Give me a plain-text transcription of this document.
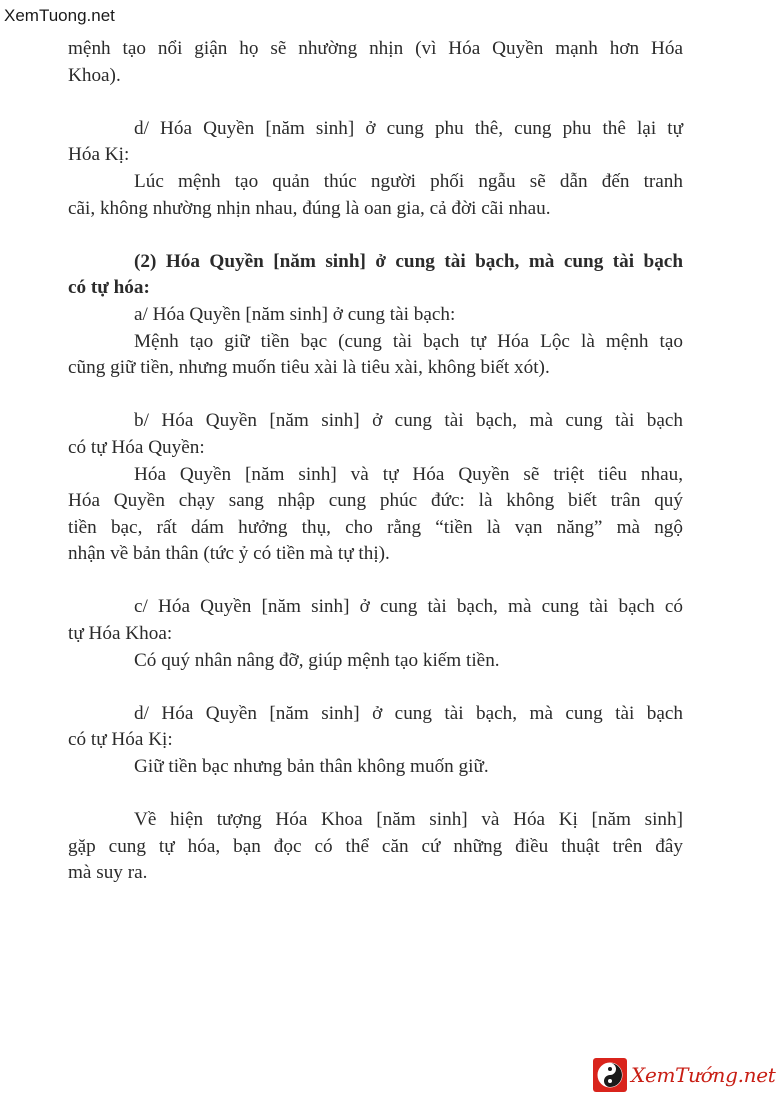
XemTuong.net
mệnh tạo nổi giận họ sẽ nhường nhịn (vì Hóa Quyền mạnh hơn Hóa
Khoa).
d/ Hóa Quyền [năm sinh] ở cung phu thê, cung phu thê lại tự
Hóa Kị:
Lúc mệnh tạo quản thúc người phối ngẫu sẽ dẫn đến tranh
cãi, không nhường nhịn nhau, đúng là oan gia, cả đời cãi nhau.
(2) Hóa Quyền [năm sinh] ở cung tài bạch, mà cung tài bạch
có tự hóa:
a/ Hóa Quyền [năm sinh] ở cung tài bạch:
Mệnh tạo giữ tiền bạc (cung tài bạch tự Hóa Lộc là mệnh tạo
cũng giữ tiền, nhưng muốn tiêu xài là tiêu xài, không biết xót).
b/ Hóa Quyền [năm sinh] ở cung tài bạch, mà cung tài bạch
có tự Hóa Quyền:
Hóa Quyền [năm sinh] và tự Hóa Quyền sẽ triệt tiêu nhau,
Hóa Quyền chạy sang nhập cung phúc đức: là không biết trân quý
tiền bạc, rất dám hưởng thụ, cho rằng “tiền là vạn năng” mà ngộ
nhận về bản thân (tức ỷ có tiền mà tự thị).
c/ Hóa Quyền [năm sinh] ở cung tài bạch, mà cung tài bạch có
tự Hóa Khoa:
Có quý nhân nâng đỡ, giúp mệnh tạo kiếm tiền.
d/ Hóa Quyền [năm sinh] ở cung tài bạch, mà cung tài bạch
có tự Hóa Kị:
Giữ tiền bạc nhưng bản thân không muốn giữ.
Về hiện tượng Hóa Khoa [năm sinh] và Hóa Kị [năm sinh]
gặp cung tự hóa, bạn đọc có thể căn cứ những điều thuật trên đây
mà suy ra.
XemTướng.net
